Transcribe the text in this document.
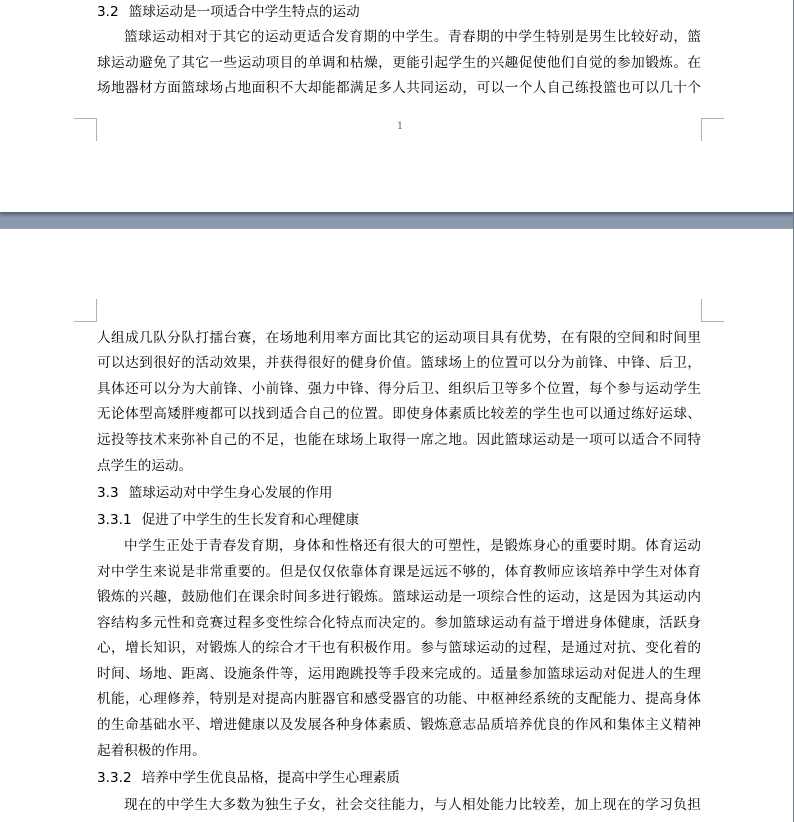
3.2 篮球运动是一项适合中学生特点的运动
篮球运动相对于其它的运动更适合发育期的中学生。青春期的中学生特别是男生比较好动，篮
球运动避免了其它一些运动项目的单调和枯燥，更能引起学生的兴趣促使他们自觉的参加锻炼。在
场地器材方面篮球场占地面积不大却能都满足多人共同运动，可以一个人自己练投篮也可以几十个
1
人组成几队分队打擂台赛，在场地利用率方面比其它的运动项目具有优势，在有限的空间和时间里
可以达到很好的活动效果，并获得很好的健身价值。篮球场上的位置可以分为前锋、中锋、后卫，
具体还可以分为大前锋、小前锋、强力中锋、得分后卫、组织后卫等多个位置，每个参与运动学生
无论体型高矮胖瘦都可以找到适合自己的位置。即使身体素质比较差的学生也可以通过练好运球、
远投等技术来弥补自己的不足，也能在球场上取得一席之地。因此篮球运动是一项可以适合不同特
点学生的运动。
3.3 篮球运动对中学生身心发展的作用
3.3.1 促进了中学生的生长发育和心理健康
中学生正处于青春发育期，身体和性格还有很大的可塑性，是锻炼身心的重要时期。体育运动
对中学生来说是非常重要的。但是仅仅依靠体育课是远远不够的，体育教师应该培养中学生对体育
锻炼的兴趣，鼓励他们在课余时间多进行锻炼。篮球运动是一项综合性的运动，这是因为其运动内
容结构多元性和竞赛过程多变性综合化特点而决定的。参加篮球运动有益于增进身体健康，活跃身
心，增长知识，对锻炼人的综合才干也有积极作用。参与篮球运动的过程，是通过对抗、变化着的
时间、场地、距离、设施条件等，运用跑跳投等手段来完成的。适量参加篮球运动对促进人的生理
机能，心理修养，特别是对提高内脏器官和感受器官的功能、中枢神经系统的支配能力、提高身体
的生命基础水平、增进健康以及发展各种身体素质、锻炼意志品质培养优良的作风和集体主义精神
起着积极的作用。
3.3.2 培养中学生优良品格，提高中学生心理素质
现在的中学生大多数为独生子女，社会交往能力，与人相处能力比较差，加上现在的学习负担
